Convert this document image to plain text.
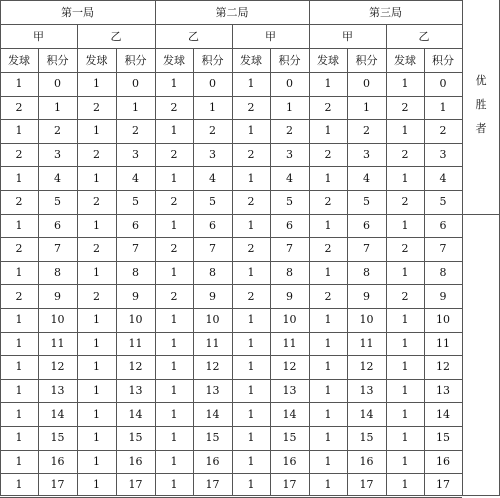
优
胜
者
第一局
甲	乙
第二局
乙	甲
第三局
甲	乙
发球	积分	发球	积分	发球	积分	发球	积分	发球	积分	发球	积分
1	0	1	0	1	0	1	0	1	0	1	0
2	1	2	1	2	1	2	1	2	1	2	1
1	2	1	2	1	2	1	2	1	2	1	2
2	3	2	3	2	3	2	3	2	3	2	3
1	4	1	4	1	4	1	4	1	4	1	4
2	5	2	5	2	5	2	5	2	5	2	5
1	6	1	6	1	6	1	6	1	6	1	6
2	7	2	7	2	7	2	7	2	7	2	7
1	8	1	8	1	8	1	8	1	8	1	8
2	9	2	9	2	9	2	9	2	9	2	9
1	10	1	10	1	10	1	10	1	10	1	10
1	11	1	11	1	11	1	11	1	11	1	11
1	12	1	12	1	12	1	12	1	12	1	12
1	13	1	13	1	13	1	13	1	13	1	13
1	14	1	14	1	14	1	14	1	14	1	14
1	15	1	15	1	15	1	15	1	15	1	15
1	16	1	16	1	16	1	16	1	16	1	16
1	17	1	17	1	17	1	17	1	17	1	17
